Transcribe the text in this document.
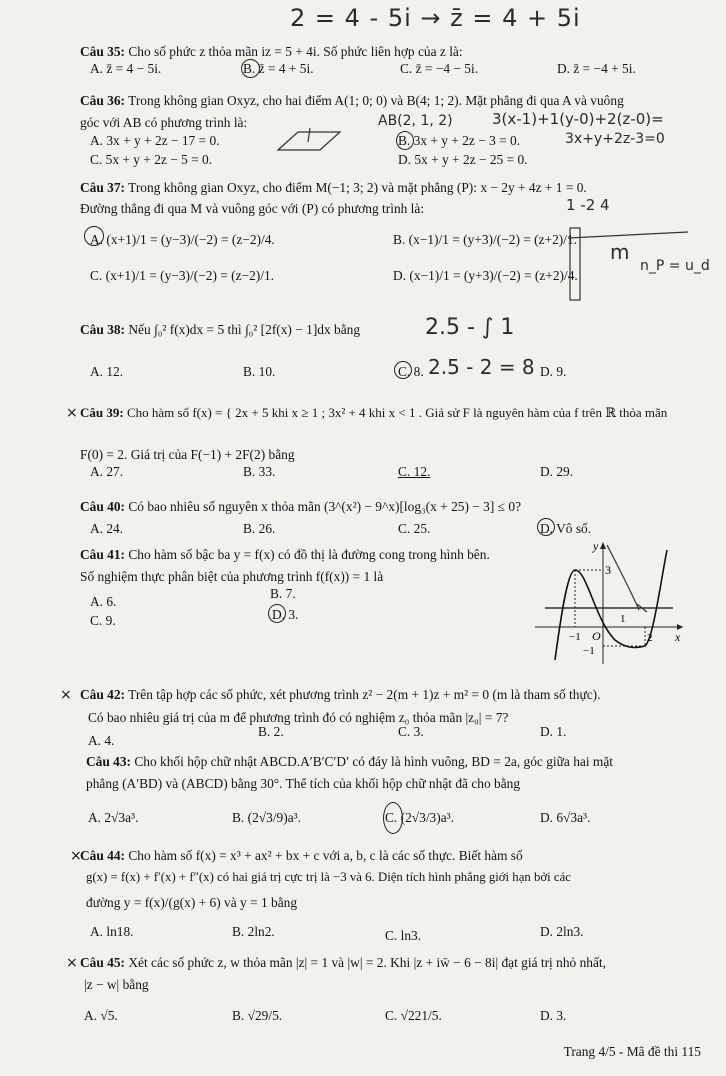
2 = 4 - 5i → z̄ = 4 + 5i
Câu 35: Cho số phức z thỏa mãn iz = 5 + 4i. Số phức liên hợp của z là:
A. z̄ = 4 − 5i.	B. z̄ = 4 + 5i.	C. z̄ = −4 − 5i.	D. z̄ = −4 + 5i.
Câu 36: Trong không gian Oxyz, cho hai điểm A(1; 0; 0) và B(4; 1; 2). Mặt phẳng đi qua A và vuông
góc với AB có phương trình là:	AB(2, 1, 2)	3(x-1)+1(y-0)+2(z-0)=
A. 3x + y + 2z − 17 = 0.	B. 3x + y + 2z − 3 = 0.
C. 5x + y + 2z − 5 = 0.	D. 5x + y + 2z − 25 = 0.
3x+y+2z-3=0
Câu 37: Trong không gian Oxyz, cho điểm M(−1; 3; 2) và mặt phẳng (P): x − 2y + 4z + 1 = 0.
Đường thẳng đi qua M và vuông góc với (P) có phương trình là:	1 -2 4
A. (x+1)/1 = (y−3)/(−2) = (z−2)/4.	B. (x−1)/1 = (y+3)/(−2) = (z+2)/1.
C. (x+1)/1 = (y−3)/(−2) = (z−2)/1.	D. (x−1)/1 = (y+3)/(−2) = (z+2)/4.
m
n_P = u_d
Câu 38: Nếu ∫₀² f(x)dx = 5 thì ∫₀² [2f(x) − 1]dx bằng	2.5 - ∫ 1
A. 12.	B. 10.	C. 8.	D. 9.
2.5 - 2 = 8
× Câu 39: Cho hàm số f(x) = { 2x + 5 khi x ≥ 1 ; 3x² + 4 khi x < 1 . Giả sử F là nguyên hàm của f trên ℝ thỏa mãn
F(0) = 2. Giá trị của F(−1) + 2F(2) bằng
A. 27.	B. 33.	C. 12.	D. 29.
Câu 40: Có bao nhiêu số nguyên x thỏa mãn (3^(x²) − 9^x)[log₃(x + 25) − 3] ≤ 0?
A. 24.	B. 26.	C. 25.	D. Vô số.
Câu 41: Cho hàm số bậc ba y = f(x) có đồ thị là đường cong trong hình bên.
Số nghiệm thực phân biệt của phương trình f(f(x)) = 1 là
A. 6.
B. 7.
C. 9.	D. 3.
y
x
3
1
−1
2
O
−1
× Câu 42: Trên tập hợp các số phức, xét phương trình z² − 2(m + 1)z + m² = 0 (m là tham số thực).
Có bao nhiêu giá trị của m để phương trình đó có nghiệm z₀ thỏa mãn |z₀| = 7?
A. 4.
B. 2.	C. 3.	D. 1.
Câu 43: Cho khối hộp chữ nhật ABCD.A′B′C′D′ có đáy là hình vuông, BD = 2a, góc giữa hai mặt
phẳng (A′BD) và (ABCD) bằng 30°. Thể tích của khối hộp chữ nhật đã cho bằng
A. 2√3a³.	B. (2√3/9)a³.	C. (2√3/3)a³.	D. 6√3a³.
×
Câu 44: Cho hàm số f(x) = x³ + ax² + bx + c với a, b, c là các số thực. Biết hàm số
g(x) = f(x) + f′(x) + f″(x) có hai giá trị cực trị là −3 và 6. Diện tích hình phẳng giới hạn bởi các
đường y = f(x)/(g(x) + 6) và y = 1 bằng
A. ln18.	B. 2ln2.	C. ln3.	D. 2ln3.
× Câu 45: Xét các số phức z, w thỏa mãn |z| = 1 và |w| = 2. Khi |z + iw̄ − 6 − 8i| đạt giá trị nhỏ nhất,
|z − w| bằng
A. √5.	B. √29/5.	C. √221/5.	D. 3.
Trang 4/5 - Mã đề thi 115
